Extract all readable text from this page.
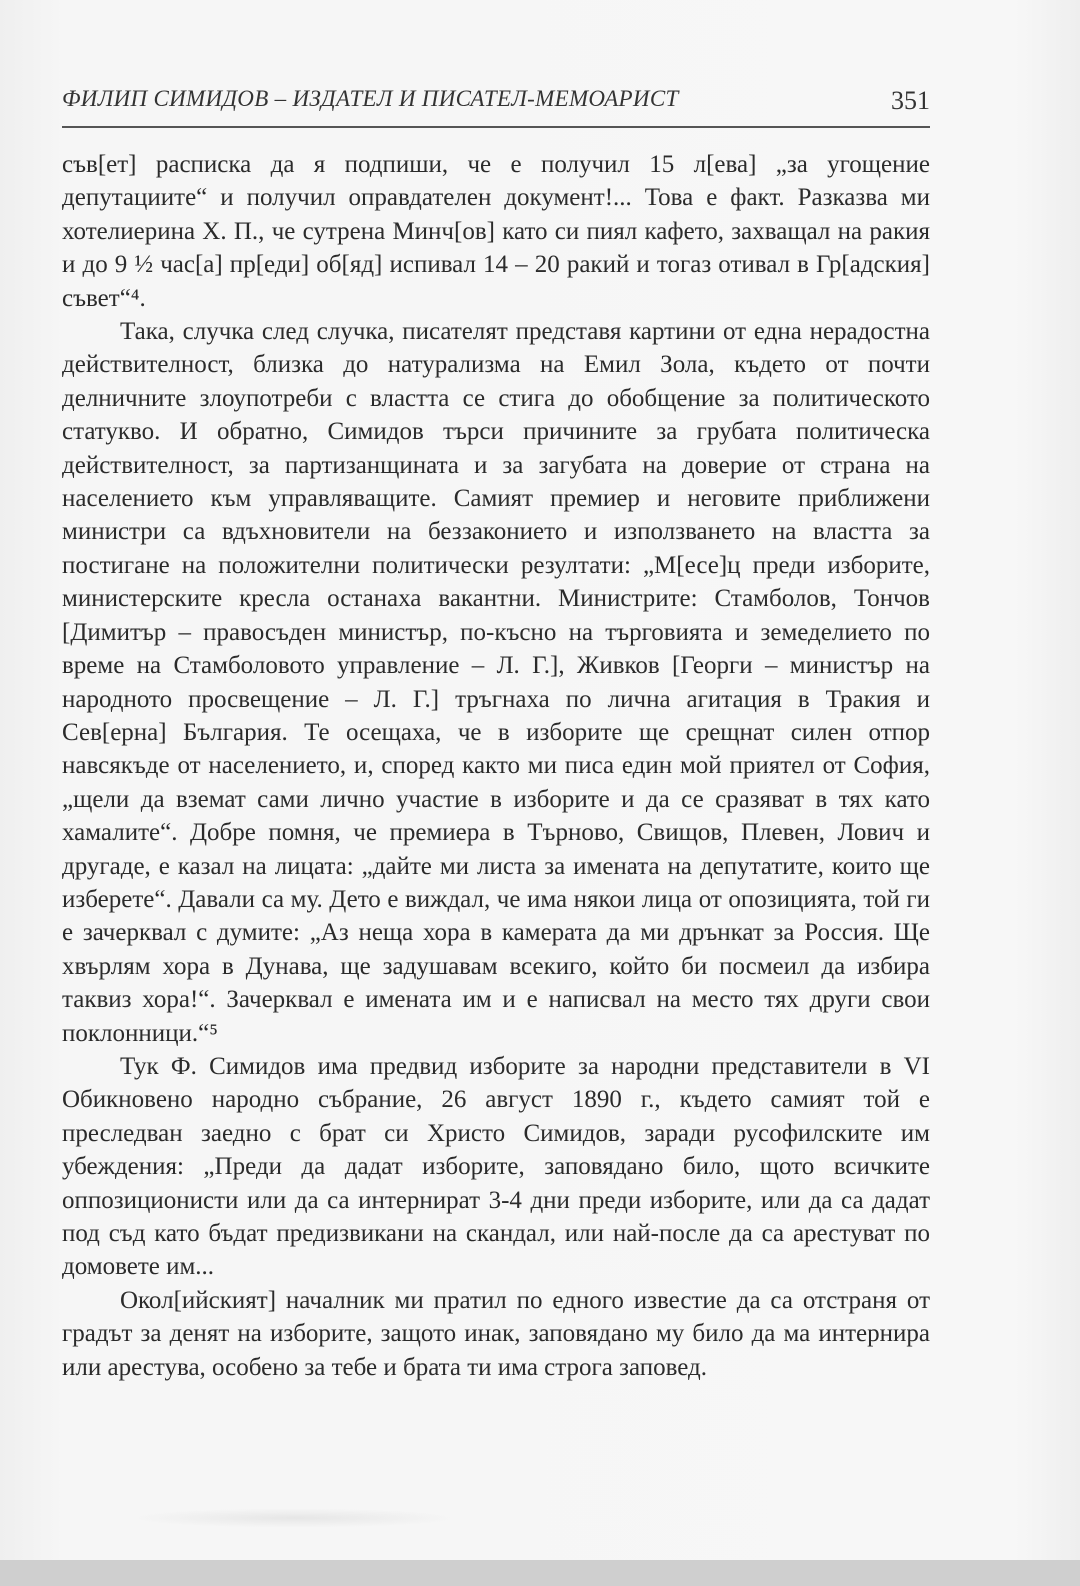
ФИЛИП СИМИДОВ – ИЗДАТЕЛ И ПИСАТЕЛ-МЕМОАРИСТ	351

съв[ет] расписка да я подпиши, че е получил 15 л[ева] „за угощение депутациите“ и получил оправдателен документ!... Това е факт. Разказва ми хотелиерина Х. П., че сутрена Минч[ов] като си пиял кафето, захващал на ракия и до 9 ½ час[а] пр[еди] об[яд] испивал 14 – 20 ракий и тогаз отивал в Гр[адския] съвет“⁴.

Така, случка след случка, писателят представя картини от една нерадостна действителност, близка до натурализма на Емил Зола, където от почти делничните злоупотреби с властта се стига до обобщение за политическото статукво. И обратно, Симидов търси причините за грубата политическа действителност, за партизанщината и за загубата на доверие от страна на населението към управляващите. Самият премиер и неговите приближени министри са вдъхновители на беззаконието и използването на властта за постигане на положителни политически резултати: „М[есе]ц преди изборите, министерските кресла останаха вакантни. Министрите: Стамболов, Тончов [Димитър – правосъден министър, по-късно на търговията и земеделието по време на Стамболовото управление – Л. Г.], Живков [Георги – министър на народното просвещение – Л. Г.] тръгнаха по лична агитация в Тракия и Сев[ерна] България. Те осещаха, че в изборите ще срещнат силен отпор навсякъде от населението, и, според както ми писа един мой приятел от София, „щели да вземат сами лично участие в изборите и да се сразяват в тях като хамалите“. Добре помня, че премиера в Търново, Свищов, Плевен, Лович и другаде, е казал на лицата: „дайте ми листа за имената на депутатите, които ще изберете“. Давали са му. Дето е виждал, че има някои лица от опозицията, той ги е зачерквал с думите: „Аз неща хора в камерата да ми дрънкат за Россия. Ще хвърлям хора в Дунава, ще задушавам всекиго, който би посмеил да избира таквиз хора!“. Зачерквал е имената им и е написвал на место тях други свои поклонници.“⁵

Тук Ф. Симидов има предвид изборите за народни представители в VI Обикновено народно събрание, 26 август 1890 г., където самият той е преследван заедно с брат си Христо Симидов, заради русофилските им убеждения: „Преди да дадат изборите, заповядано било, щото всичките оппозиционисти или да са интернират 3-4 дни преди изборите, или да са дадат под съд като бъдат предизвикани на скандал, или най-после да са арестуват по домовете им...

Окол[ийският] началник ми пратил по едного известие да са отстраня от градът за денят на изборите, защото инак, заповядано му било да ма интернира или арестува, особено за тебе и брата ти има строга заповед.
